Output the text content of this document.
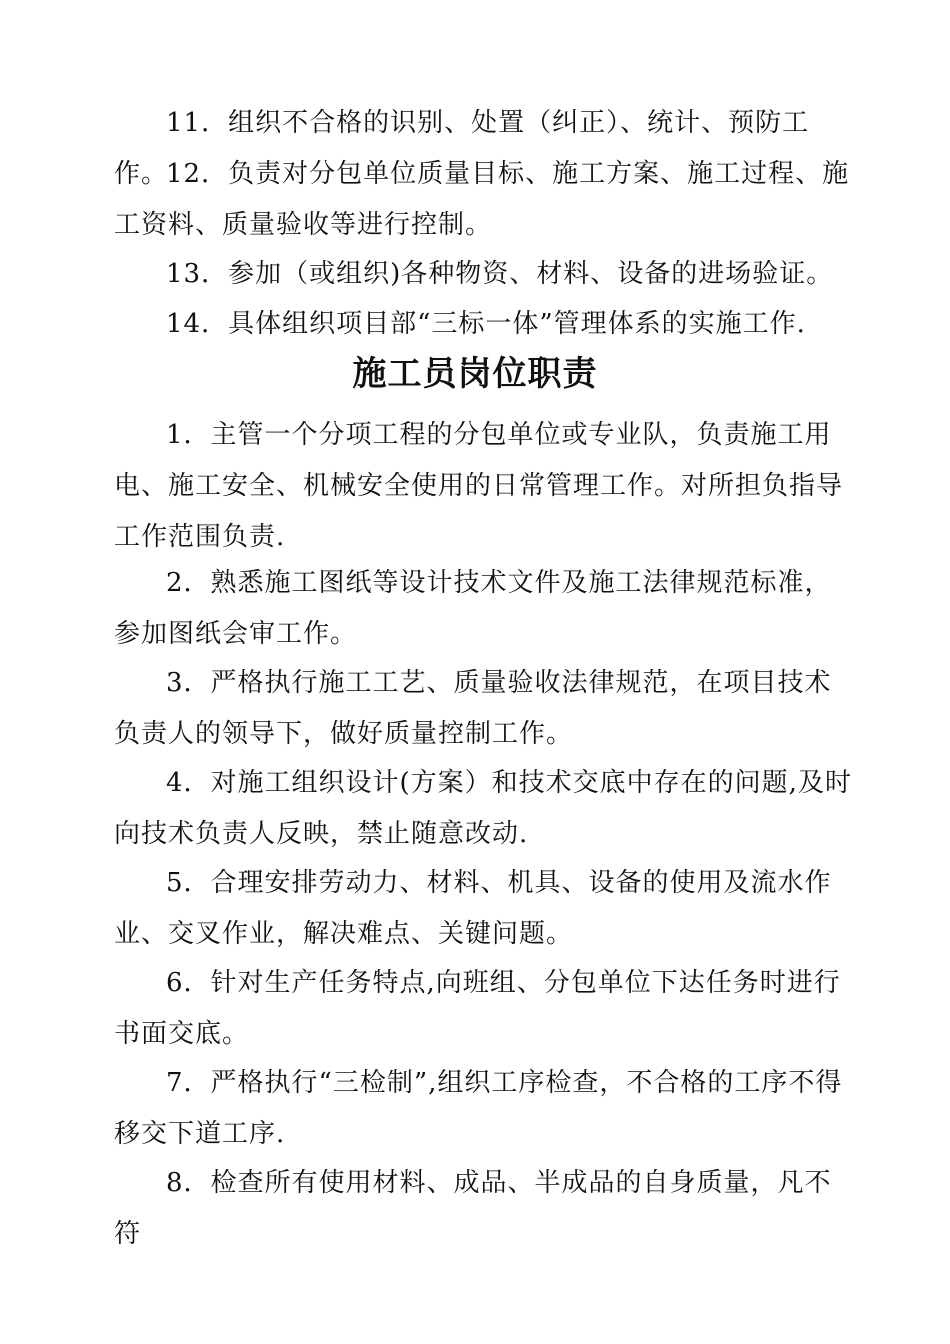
11．组织不合格的识别、处置（纠正）、统计、预防工作。

12．负责对分包单位质量目标、施工方案、施工过程、施工资料、质量验收等进行控制。

13．参加（或组织)各种物资、材料、设备的进场验证。

14．具体组织项目部“三标一体”管理体系的实施工作.

施工员岗位职责

1．主管一个分项工程的分包单位或专业队，负责施工用电、施工安全、机械安全使用的日常管理工作。对所担负指导工作范围负责.

2．熟悉施工图纸等设计技术文件及施工法律规范标准，参加图纸会审工作。

3．严格执行施工工艺、质量验收法律规范，在项目技术负责人的领导下，做好质量控制工作。

4．对施工组织设计(方案）和技术交底中存在的问题,及时向技术负责人反映，禁止随意改动.

5．合理安排劳动力、材料、机具、设备的使用及流水作业、交叉作业，解决难点、关键问题。

6．针对生产任务特点,向班组、分包单位下达任务时进行书面交底。

7．严格执行“三检制”,组织工序检查，不合格的工序不得移交下道工序.

8．检查所有使用材料、成品、半成品的自身质量，凡不符
